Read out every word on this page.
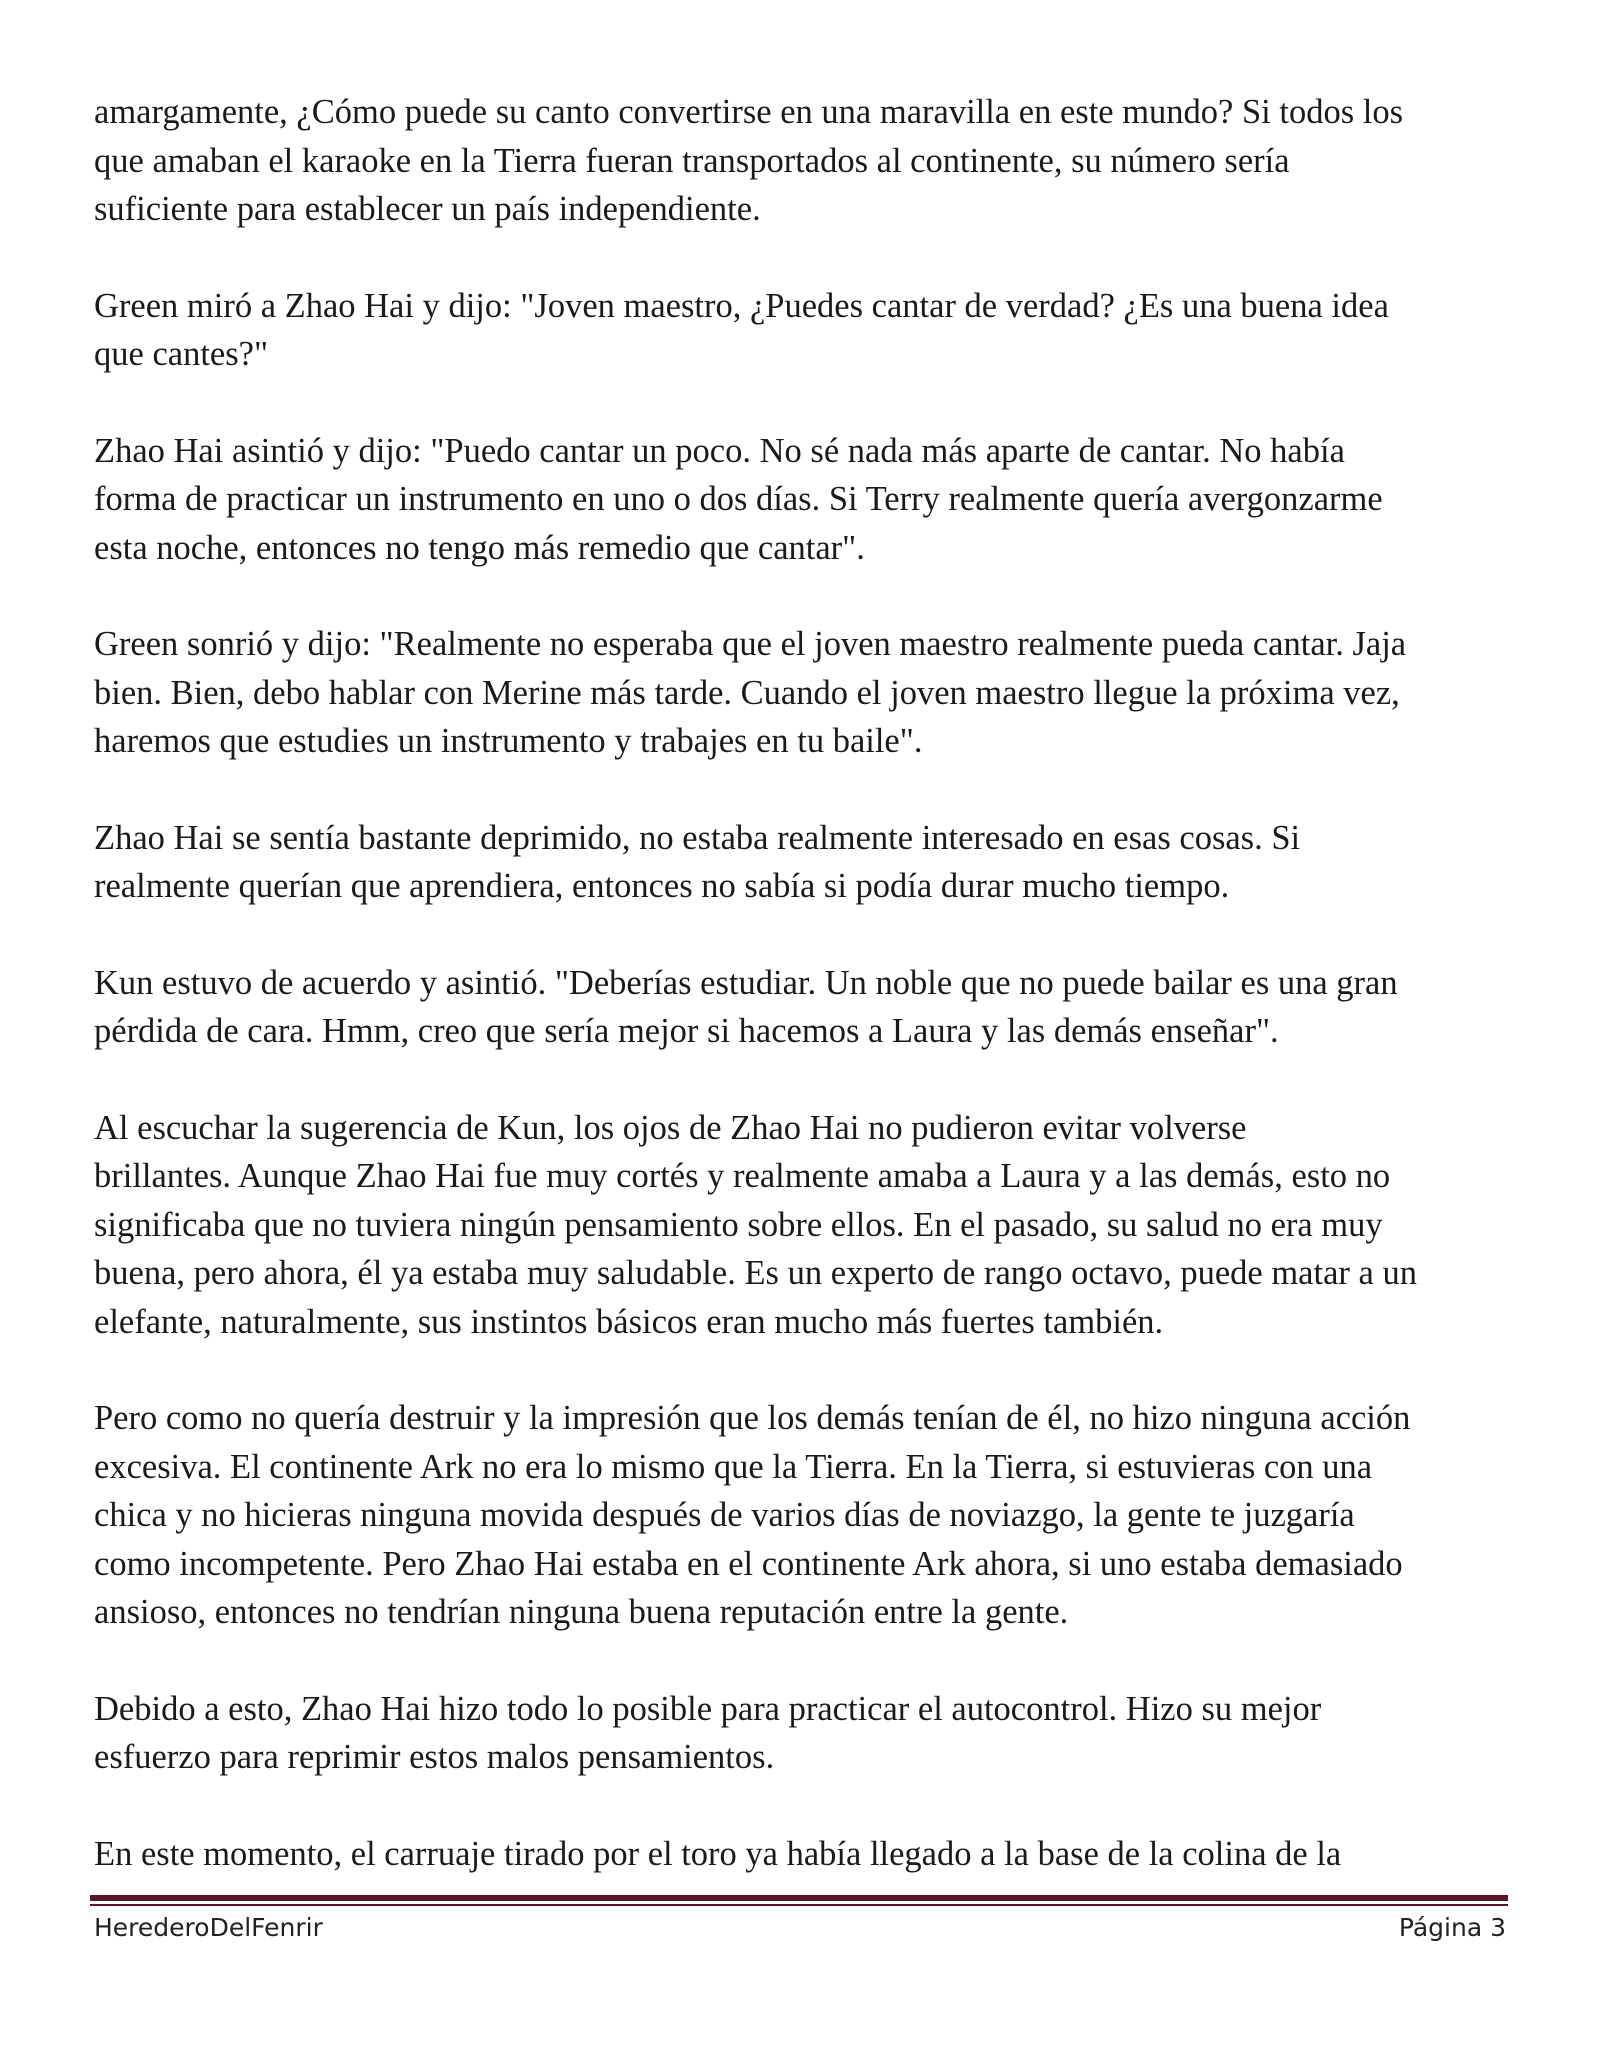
amargamente, ¿Cómo puede su canto convertirse en una maravilla en este mundo? Si todos los
que amaban el karaoke en la Tierra fueran transportados al continente, su número sería
suficiente para establecer un país independiente.

Green miró a Zhao Hai y dijo: "Joven maestro, ¿Puedes cantar de verdad? ¿Es una buena idea
que cantes?"

Zhao Hai asintió y dijo: "Puedo cantar un poco. No sé nada más aparte de cantar. No había
forma de practicar un instrumento en uno o dos días. Si Terry realmente quería avergonzarme
esta noche, entonces no tengo más remedio que cantar".

Green sonrió y dijo: "Realmente no esperaba que el joven maestro realmente pueda cantar. Jaja
bien. Bien, debo hablar con Merine más tarde. Cuando el joven maestro llegue la próxima vez,
haremos que estudies un instrumento y trabajes en tu baile".

Zhao Hai se sentía bastante deprimido, no estaba realmente interesado en esas cosas. Si
realmente querían que aprendiera, entonces no sabía si podía durar mucho tiempo.

Kun estuvo de acuerdo y asintió. "Deberías estudiar. Un noble que no puede bailar es una gran
pérdida de cara. Hmm, creo que sería mejor si hacemos a Laura y las demás enseñar".

Al escuchar la sugerencia de Kun, los ojos de Zhao Hai no pudieron evitar volverse
brillantes. Aunque Zhao Hai fue muy cortés y realmente amaba a Laura y a las demás, esto no
significaba que no tuviera ningún pensamiento sobre ellos. En el pasado, su salud no era muy
buena, pero ahora, él ya estaba muy saludable. Es un experto de rango octavo, puede matar a un
elefante, naturalmente, sus instintos básicos eran mucho más fuertes también.

Pero como no quería destruir y la impresión que los demás tenían de él, no hizo ninguna acción
excesiva. El continente Ark no era lo mismo que la Tierra. En la Tierra, si estuvieras con una
chica y no hicieras ninguna movida después de varios días de noviazgo, la gente te juzgaría
como incompetente. Pero Zhao Hai estaba en el continente Ark ahora, si uno estaba demasiado
ansioso, entonces no tendrían ninguna buena reputación entre la gente.

Debido a esto, Zhao Hai hizo todo lo posible para practicar el autocontrol. Hizo su mejor
esfuerzo para reprimir estos malos pensamientos.

En este momento, el carruaje tirado por el toro ya había llegado a la base de la colina de la

HerederoDelFenrir	Página 3
